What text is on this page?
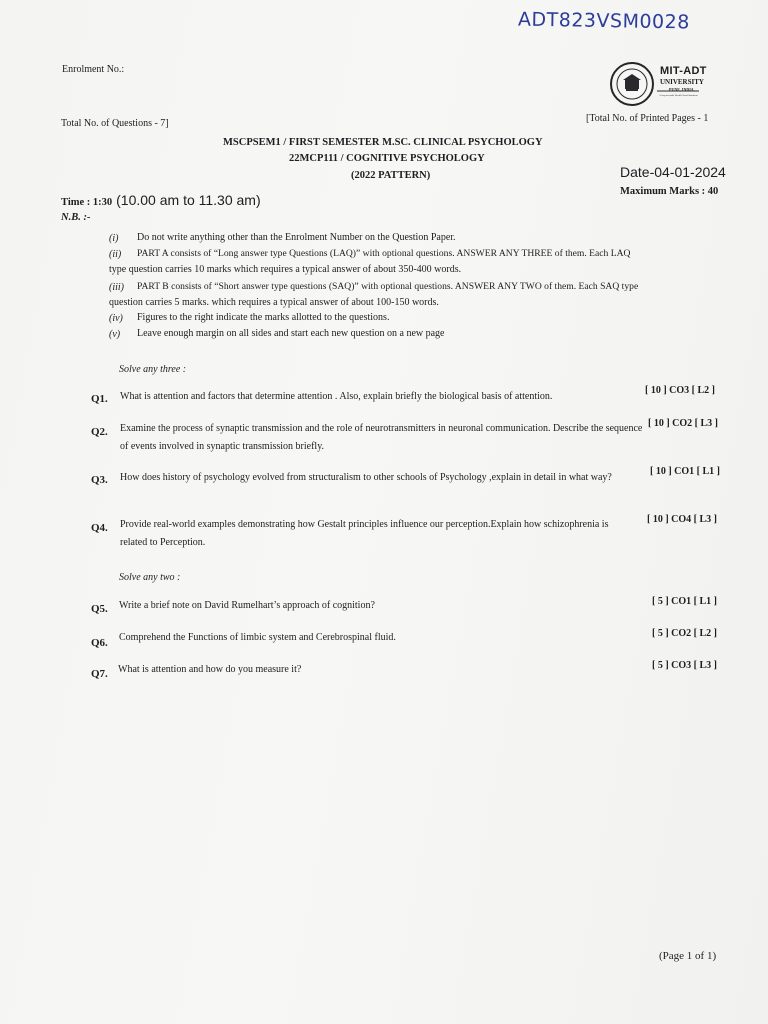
ADT823VSM0028
Enrolment No.:	MIT-ADT
UNIVERSITY
PUNE, INDIA
A leap towards World Class Education
Total No. of Questions - 7]	[Total No. of Printed Pages - 1
MSCPSEM1 / FIRST SEMESTER M.SC. CLINICAL PSYCHOLOGY
22MCP111 / COGNITIVE PSYCHOLOGY
(2022 PATTERN)	Date-04-01-2024
Maximum Marks : 40
Time : 1:30 (10.00 am to 11.30 am)
N.B. :-
(i) Do not write anything other than the Enrolment Number on the Question Paper.
(ii) PART A consists of “Long answer type Questions (LAQ)” with optional questions. ANSWER ANY THREE of them. Each LAQ
type question carries 10 marks which requires a typical answer of about 350-400 words.
(iii) PART B consists of “Short answer type questions (SAQ)” with optional questions. ANSWER ANY TWO of them. Each SAQ type
question carries 5 marks. which requires a typical answer of about 100-150 words.
(iv) Figures to the right indicate the marks allotted to the questions.
(v) Leave enough margin on all sides and start each new question on a new page
Solve any three :
Q1. What is attention and factors that determine attention . Also, explain briefly the biological basis of attention.
[ 10 ] CO3 [ L2 ]
Q2. Examine the process of synaptic transmission and the role of neurotransmitters in neuronal communication. Describe the sequence of events involved in synaptic transmission briefly.
[ 10 ] CO2 [ L3 ]
Q3. How does history of psychology evolved from structuralism to other schools of Psychology ,explain in detail in what way?
[ 10 ] CO1 [ L1 ]
Q4. Provide real-world examples demonstrating how Gestalt principles influence our perception.Explain how schizophrenia is related to Perception.
[ 10 ] CO4 [ L3 ]
Solve any two :
Q5. Write a brief note on David Rumelhart’s approach of cognition?	[ 5 ] CO1 [ L1 ]
Q6. Comprehend the Functions of limbic system and Cerebrospinal fluid.	[ 5 ] CO2 [ L2 ]
Q7. What is attention and how do you measure it?	[ 5 ] CO3 [ L3 ]
(Page 1 of 1)
